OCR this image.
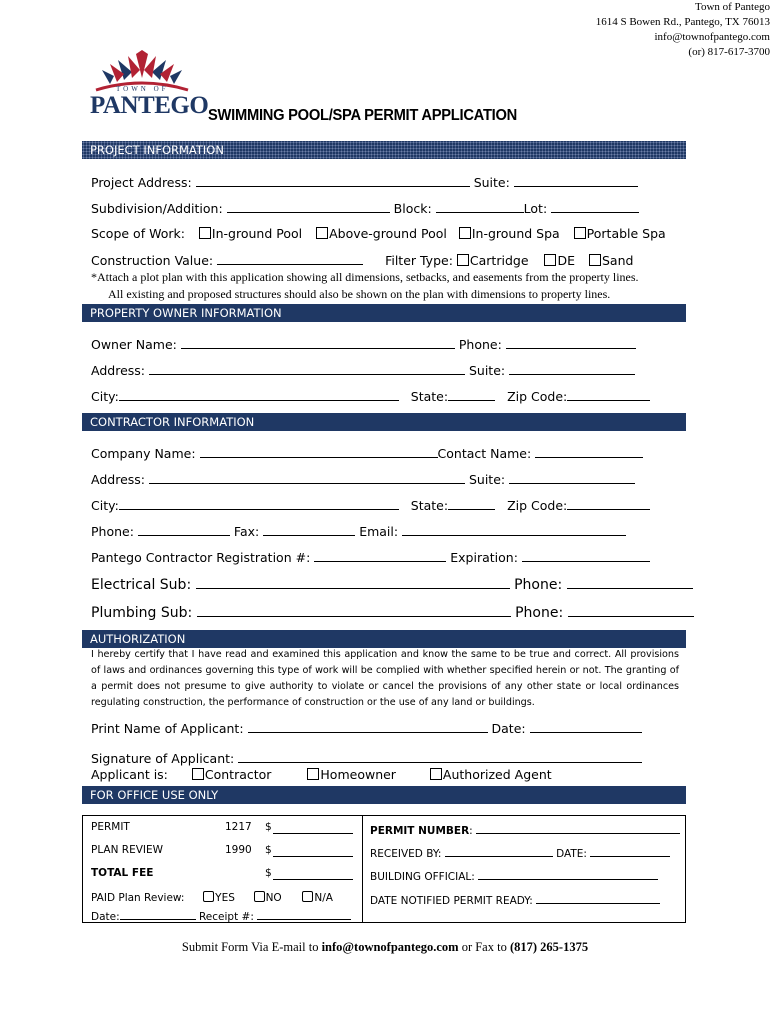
TOWN OF
PANTEGO
Town of Pantego
1614 S Bowen Rd., Pantego, TX 76013
info@townofpantego.com
(or) 817-617-3700
SWIMMING POOL/SPA PERMIT APPLICATION
PROJECT INFORMATION
Project Address:	Suite:
Subdivision/Addition:	Block:	Lot:
Scope of Work: In-ground Pool Above-ground Pool In-ground Spa Portable Spa
Construction Value:	Filter Type: Cartridge DE Sand
*Attach a plot plan with this application showing all dimensions, setbacks, and easements from the property lines.
All existing and proposed structures should also be shown on the plan with dimensions to property lines.
PROPERTY OWNER INFORMATION
Owner Name:	Phone:
Address:	Suite:
City:	State:	Zip Code:
CONTRACTOR INFORMATION
Company Name:	Contact Name:
Address:	Suite:
City:	State:	Zip Code:
Phone:	Fax:	Email:
Pantego Contractor Registration #:	Expiration:
Electrical Sub:	Phone:
Plumbing Sub:	Phone:
AUTHORIZATION
I hereby certify that I have read and examined this application and know the same to be true and correct. All provisions of laws and ordinances governing this type of work will be complied with whether specified herein or not. The granting of a permit does not presume to give authority to violate or cancel the provisions of any other state or local ordinances regulating construction, the performance of construction or the use of any land or buildings.
Print Name of Applicant:	Date:
Signature of Applicant:
Applicant is:	Contractor	Homeowner	Authorized Agent
FOR OFFICE USE ONLY
PERMIT	1217 $
PLAN REVIEW	1990 $
TOTAL FEE	$
PAID Plan Review:	YES	NO	N/A
Date:	Receipt #:
PERMIT NUMBER:
RECEIVED BY:	DATE:
BUILDING OFFICIAL:
DATE NOTIFIED PERMIT READY:
Submit Form Via E-mail to info@townofpantego.com or Fax to (817) 265-1375
